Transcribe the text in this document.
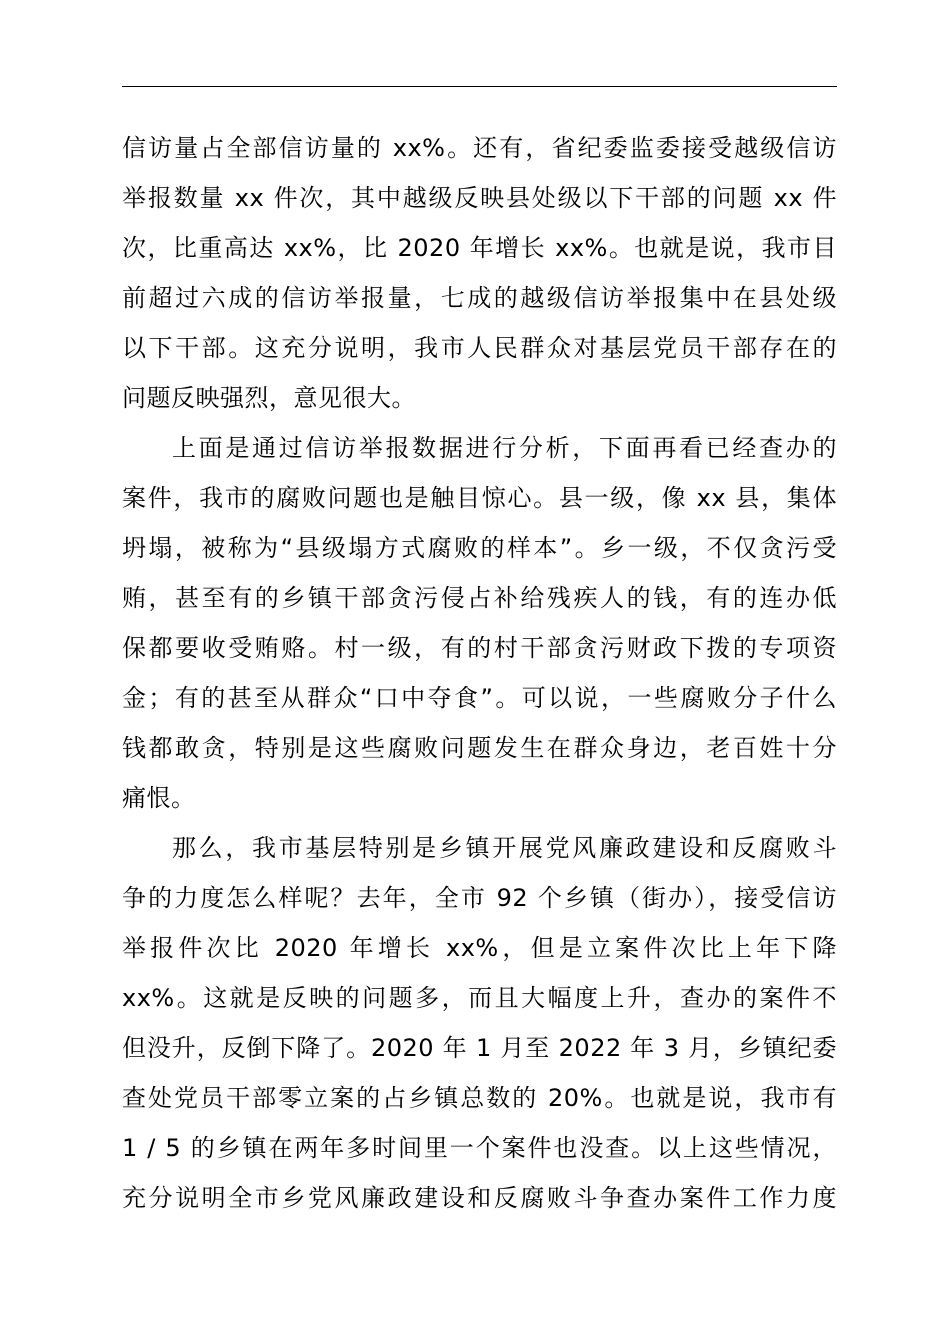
信访量占全部信访量的 xx%。还有，省纪委监委接受越级信访
举报数量 xx 件次，其中越级反映县处级以下干部的问题 xx 件
次，比重高达 xx%，比 2020 年增长 xx%。也就是说，我市目
前超过六成的信访举报量，七成的越级信访举报集中在县处级
以下干部。这充分说明，我市人民群众对基层党员干部存在的
问题反映强烈，意见很大。
上面是通过信访举报数据进行分析，下面再看已经查办的
案件，我市的腐败问题也是触目惊心。县一级，像 xx 县，集体
坍塌，被称为“县级塌方式腐败的样本”。乡一级，不仅贪污受
贿，甚至有的乡镇干部贪污侵占补给残疾人的钱，有的连办低
保都要收受贿赂。村一级，有的村干部贪污财政下拨的专项资
金；有的甚至从群众“口中夺食”。可以说，一些腐败分子什么
钱都敢贪，特别是这些腐败问题发生在群众身边，老百姓十分
痛恨。
那么，我市基层特别是乡镇开展党风廉政建设和反腐败斗
争的力度怎么样呢？去年，全市 92 个乡镇（街办），接受信访
举报件次比 2020 年增长 xx%，但是立案件次比上年下降
xx%。这就是反映的问题多，而且大幅度上升，查办的案件不
但没升，反倒下降了。2020 年 1 月至 2022 年 3 月，乡镇纪委
查处党员干部零立案的占乡镇总数的 20%。也就是说，我市有
1 / 5 的乡镇在两年多时间里一个案件也没查。以上这些情况，
充分说明全市乡党风廉政建设和反腐败斗争查办案件工作力度
